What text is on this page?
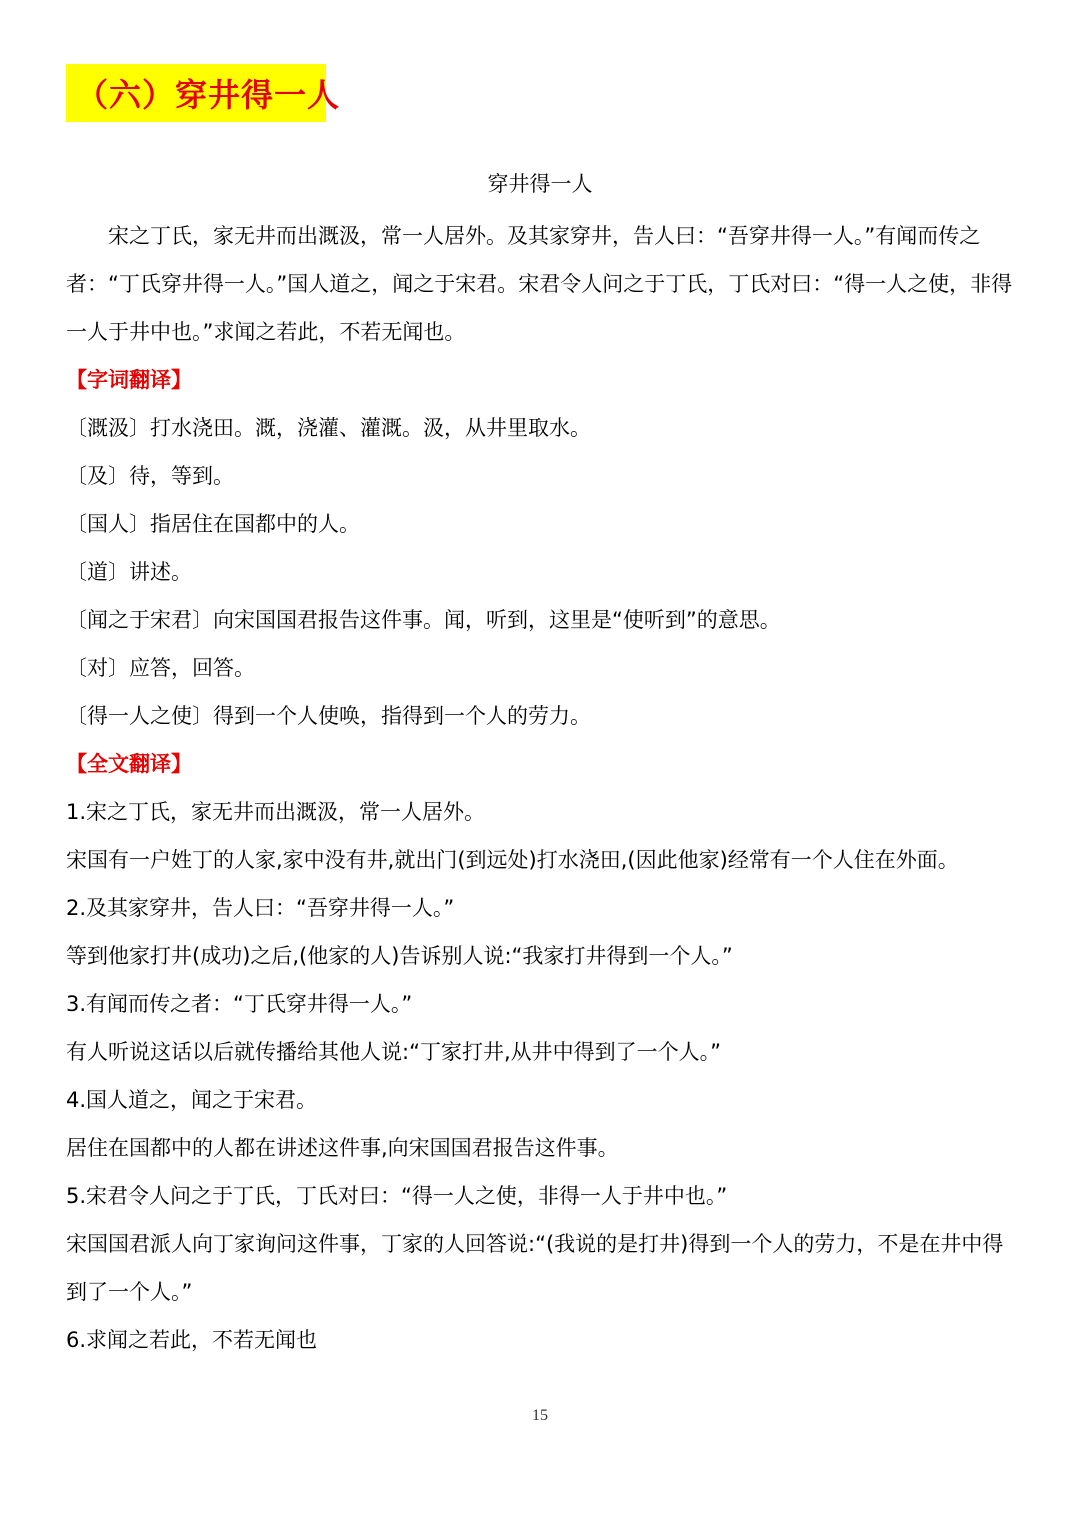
（六）穿井得一人
穿井得一人

宋之丁氏，家无井而出溉汲，常一人居外。及其家穿井，告人曰：“吾穿井得一人。”有闻而传之者：“丁氏穿井得一人。”国人道之，闻之于宋君。宋君令人问之于丁氏，丁氏对曰：“得一人之使，非得一人于井中也。”求闻之若此，不若无闻也。

【字词翻译】

〔溉汲〕打水浇田。溉，浇灌、灌溉。汲，从井里取水。

〔及〕待，等到。

〔国人〕指居住在国都中的人。

〔道〕讲述。

〔闻之于宋君〕向宋国国君报告这件事。闻，听到，这里是“使听到”的意思。

〔对〕应答，回答。

〔得一人之使〕得到一个人使唤，指得到一个人的劳力。

【全文翻译】

1.宋之丁氏，家无井而出溉汲，常一人居外。

宋国有一户姓丁的人家,家中没有井,就出门(到远处)打水浇田,(因此他家)经常有一个人住在外面。

2.及其家穿井，告人曰：“吾穿井得一人。”

等到他家打井(成功)之后,(他家的人)告诉别人说:“我家打井得到一个人。”

3.有闻而传之者：“丁氏穿井得一人。”

有人听说这话以后就传播给其他人说:“丁家打井,从井中得到了一个人。”

4.国人道之，闻之于宋君。

居住在国都中的人都在讲述这件事,向宋国国君报告这件事。

5.宋君令人问之于丁氏，丁氏对曰：“得一人之使，非得一人于井中也。”

宋国国君派人向丁家询问这件事，丁家的人回答说:“(我说的是打井)得到一个人的劳力，不是在井中得到了一个人。”

6.求闻之若此，不若无闻也

15
